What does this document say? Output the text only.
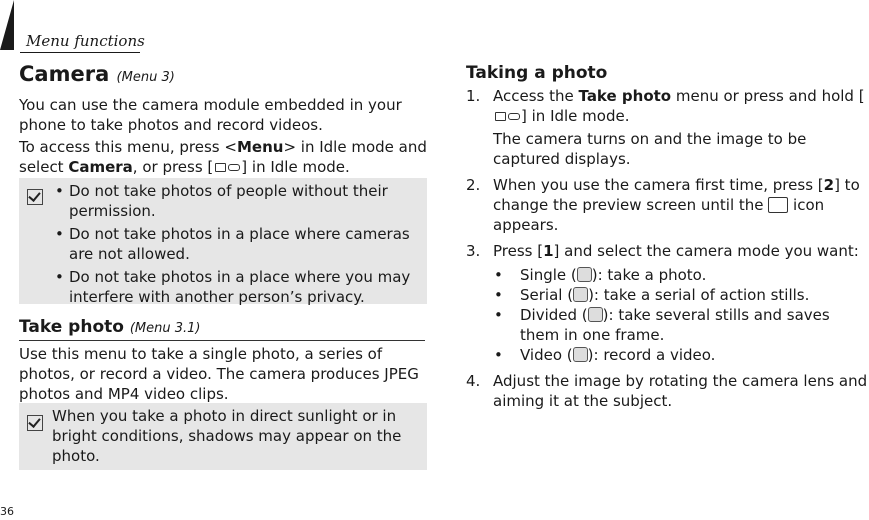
Menu functions
Camera (Menu 3)

You can use the camera module embedded in your phone to take photos and record videos.

To access this menu, press <Menu> in Idle mode and select Camera, or press [ ] in Idle mode.

• Do not take photos of people without their permission.
• Do not take photos in a place where cameras are not allowed.
• Do not take photos in a place where you may interfere with another person’s privacy.
Take photo (Menu 3.1)

Use this menu to take a single photo, a series of photos, or record a video. The camera produces JPEG photos and MP4 video clips.

When you take a photo in direct sunlight or in bright conditions, shadows may appear on the photo.

36
Taking a photo
1. Access the Take photo menu or press and hold [
] in Idle mode.
The camera turns on and the image to be captured displays.
2. When you use the camera first time, press [2] to change the preview screen until the  icon appears.
3. Press [1] and select the camera mode you want:
• Single ( ): take a photo.
• Serial ( ): take a serial of action stills.
• Divided ( ): take several stills and saves them in one frame.
• Video ( ): record a video.
4. Adjust the image by rotating the camera lens and aiming it at the subject.
